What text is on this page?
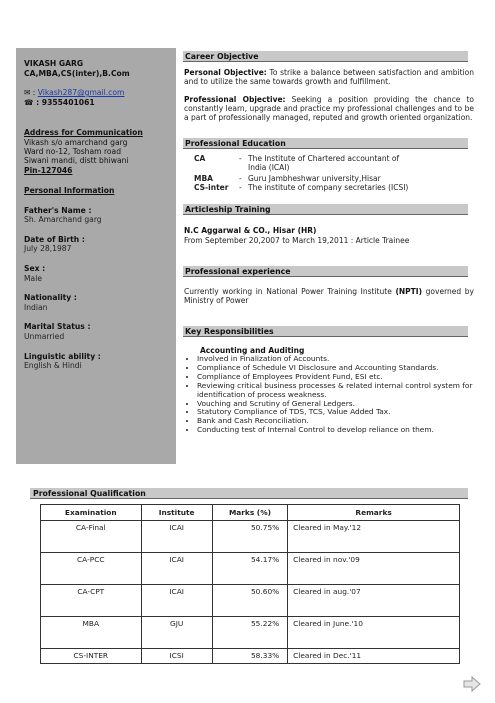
VIKASH GARG
CA,MBA,CS(inter),B.Com
✉ : Vikash287@gmail.com
☎ : 9355401061
Address for Communication
Vikash s/o amarchand garg
Ward no-12, Tosham road
Siwani mandi, distt bhiwani
Pin-127046
Personal Information
Father's Name :
Sh. Amarchand garg
Date of Birth :
July 28,1987
Sex :
Male
Nationality :
Indian
Marital Status :
Unmarried
Linguistic ability :
English & Hindi
Career Objective
Personal Objective: To strike a balance between satisfaction and ambition and to utilize the same towards growth and fulfillment.
Professional Objective: Seeking a position providing the chance to constantly learn, upgrade and practice my professional challenges and to be a part of professionally managed, reputed and growth oriented organization.
Professional Education
CA	- The Institute of Chartered accountant of
India (ICAI)
MBA	- Guru Jambheshwar university,Hisar
CS-inter - The institute of company secretaries (ICSI)
Articleship Training
N.C Aggarwal & CO., Hisar (HR)
From September 20,2007 to March 19,2011 : Article Trainee
Professional experience
Currently working in National Power Training Institute (NPTI) governed by Ministry of Power
Key Responsibilities
Accounting and Auditing
• Involved in Finalization of Accounts.
• Compliance of Schedule VI Disclosure and Accounting Standards.
• Compliance of Employees Provident Fund, ESI etc.
• Reviewing critical business processes & related internal control system for identification of process weakness.
• Vouching and Scrutiny of General Ledgers.
• Statutory Compliance of TDS, TCS, Value Added Tax.
• Bank and Cash Reconciliation.
• Conducting test of Internal Control to develop reliance on them.
Professional Qualification
Examination	Institute	Marks (%)	Remarks
CA-Final	ICAI	50.75%	Cleared in May.'12
CA-PCC	ICAI	54.17%	Cleared in nov.'09
CA-CPT	ICAI	50.60%	Cleared in aug.'07
MBA	GJU	55.22%	Cleared in June.'10
CS-INTER	ICSI	58.33%	Cleared in Dec.'11
